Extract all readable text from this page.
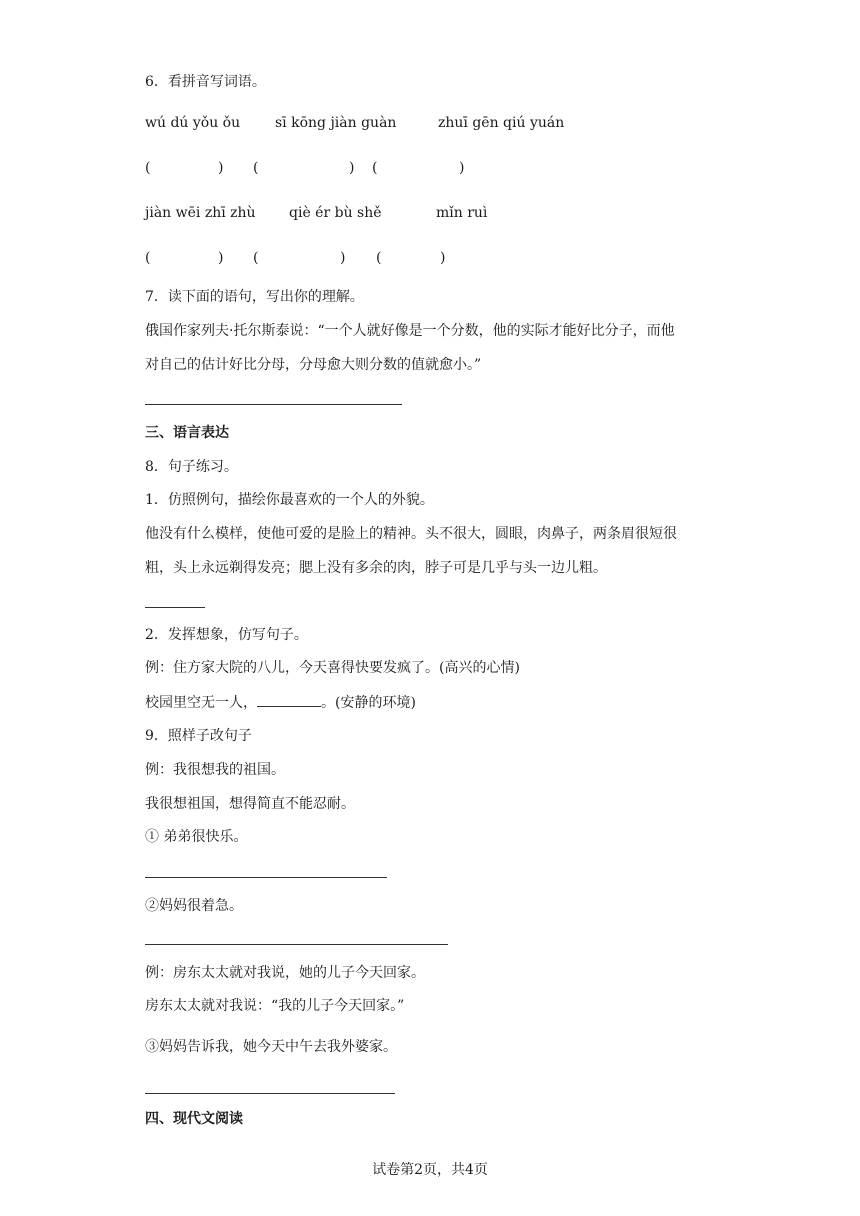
6．看拼音写词语。
wú dú yǒu ǒu sī kōng jiàn guàn	zhuī gēn qiú yuán
(	) (	) (	)
jiàn wēi zhī zhù qiè ér bù shě	mǐn ruì
(	) (	) (	)
7．读下面的语句，写出你的理解。
俄国作家列夫·托尔斯泰说：“一个人就好像是一个分数，他的实际才能好比分子，而他
对自己的估计好比分母，分母愈大则分数的值就愈小。”
三、语言表达
8．句子练习。
1．仿照例句，描绘你最喜欢的一个人的外貌。
他没有什么模样，使他可爱的是脸上的精神。头不很大，圆眼，肉鼻子，两条眉很短很
粗，头上永远剃得发亮；腮上没有多余的肉，脖子可是几乎与头一边儿粗。
2．发挥想象，仿写句子。
例：住方家大院的八儿，今天喜得快要发疯了。(高兴的心情)
校园里空无一人，	。(安静的环境)
9．照样子改句子
例：我很想我的祖国。
我很想祖国，想得简直不能忍耐。
① 弟弟很快乐。
②妈妈很着急。
例：房东太太就对我说，她的儿子今天回家。
房东太太就对我说：“我的儿子今天回家。”
③妈妈告诉我，她今天中午去我外婆家。
四、现代文阅读
试卷第2页，共4页
